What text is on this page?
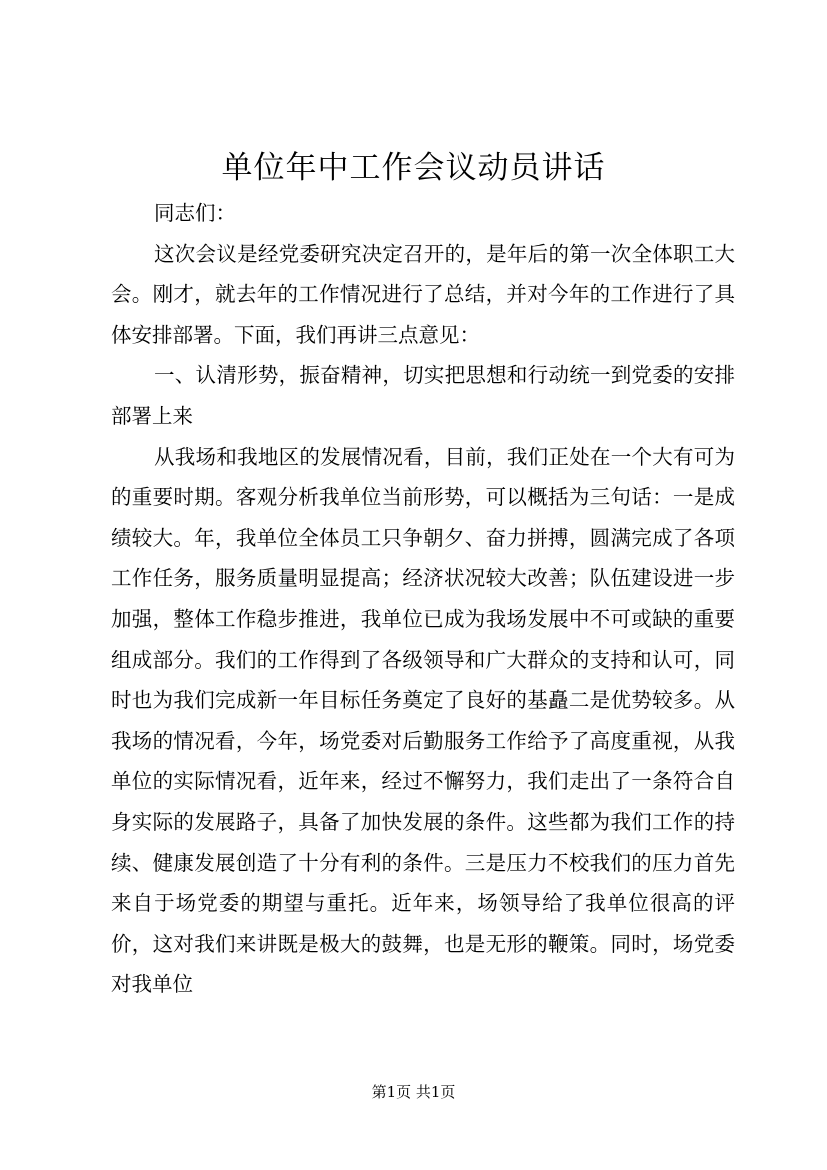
单位年中工作会议动员讲话

同志们：

这次会议是经党委研究决定召开的，是年后的第一次全体职工大会。刚才，就去年的工作情况进行了总结，并对今年的工作进行了具体安排部署。下面，我们再讲三点意见：

一、认清形势，振奋精神，切实把思想和行动统一到党委的安排部署上来

从我场和我地区的发展情况看，目前，我们正处在一个大有可为的重要时期。客观分析我单位当前形势，可以概括为三句话：一是成绩较大。年，我单位全体员工只争朝夕、奋力拼搏，圆满完成了各项工作任务，服务质量明显提高；经济状况较大改善；队伍建设进一步加强，整体工作稳步推进，我单位已成为我场发展中不可或缺的重要组成部分。我们的工作得到了各级领导和广大群众的支持和认可，同时也为我们完成新一年目标任务奠定了良好的基矗二是优势较多。从我场的情况看，今年，场党委对后勤服务工作给予了高度重视，从我单位的实际情况看，近年来，经过不懈努力，我们走出了一条符合自身实际的发展路子，具备了加快发展的条件。这些都为我们工作的持续、健康发展创造了十分有利的条件。三是压力不校我们的压力首先来自于场党委的期望与重托。近年来，场领导给了我单位很高的评价，这对我们来讲既是极大的鼓舞，也是无形的鞭策。同时，场党委对我单位

第1页 共1页
